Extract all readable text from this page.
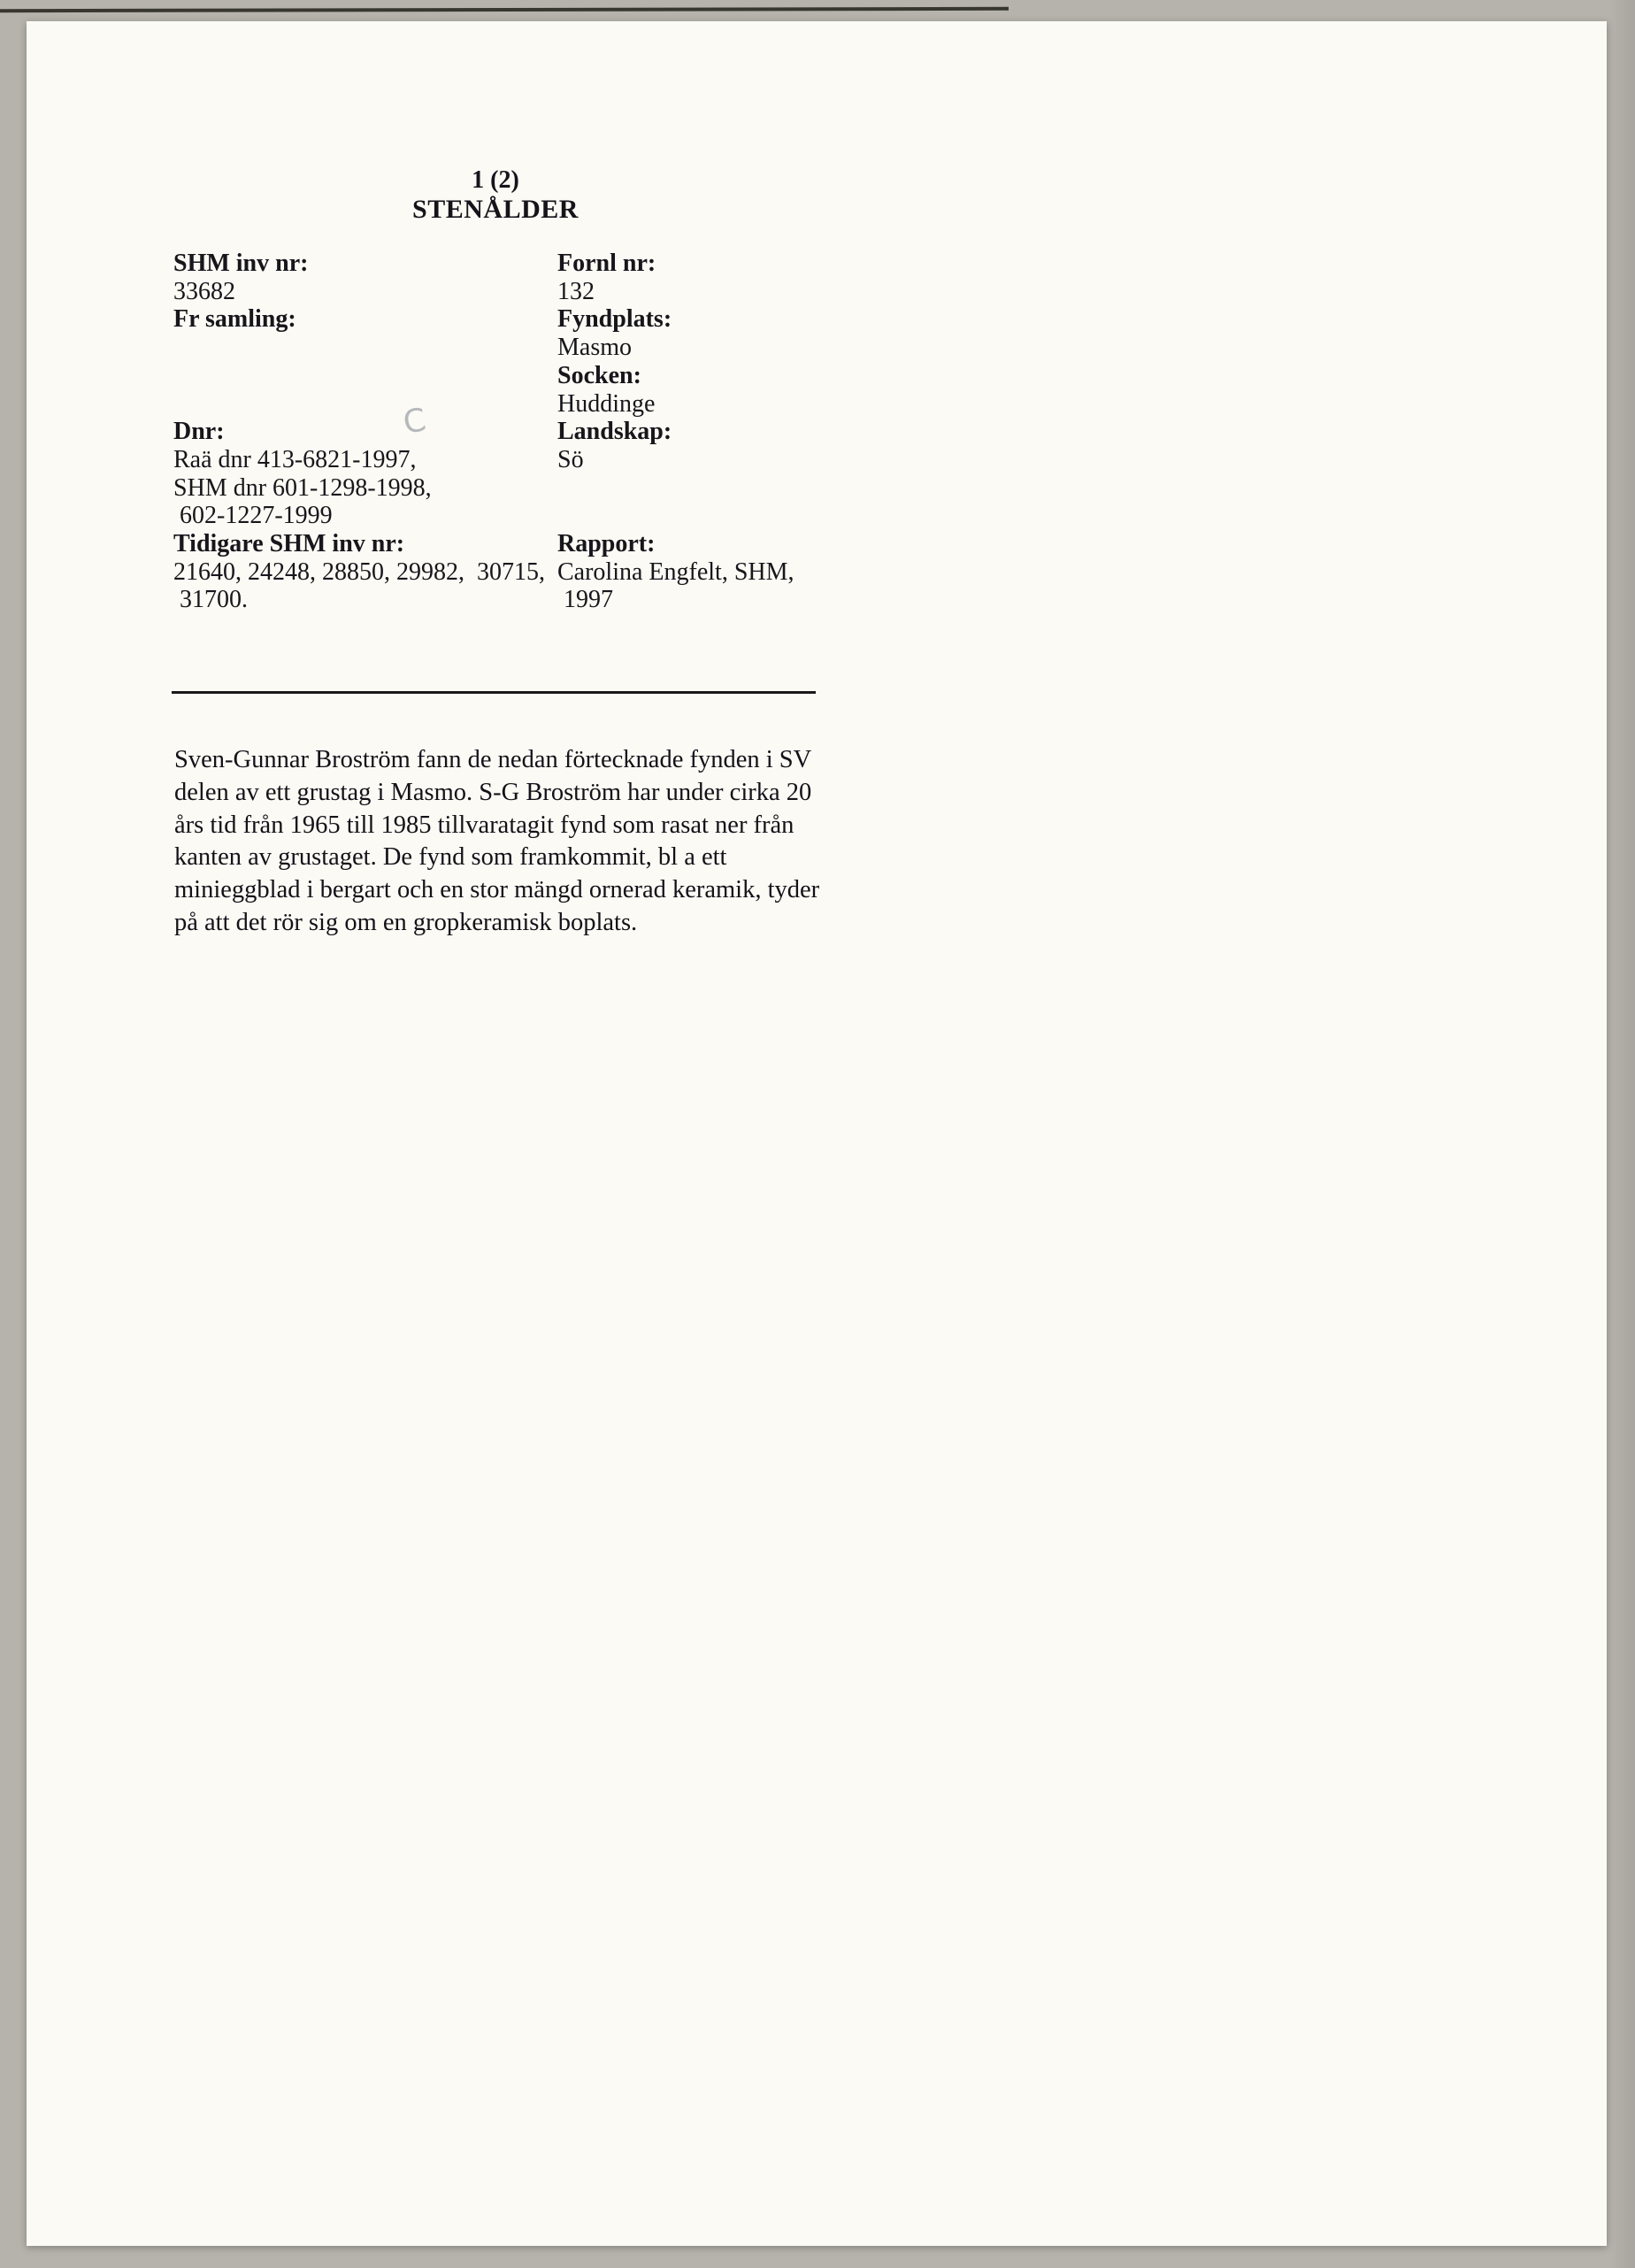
1 (2)
STENÅLDER
C
SHM inv nr:
33682
Fr samling:
Dnr:
Raä dnr 413-6821-1997,
SHM dnr 601-1298-1998,
602-1227-1999
Tidigare SHM inv nr:
21640, 24248, 28850, 29982,  30715,
31700.
Fornl nr:
132
Fyndplats:
Masmo
Socken:
Huddinge
Landskap:
Sö
Rapport:
Carolina Engfelt, SHM,
1997
Sven-Gunnar Broström fann de nedan förtecknade fynden i SV delen av ett grustag i Masmo. S-G Broström har under cirka 20 års tid från 1965 till 1985 tillvaratagit fynd som rasat ner från kanten av grustaget. De fynd som framkommit, bl a ett minieggblad i bergart och en stor mängd ornerad keramik, tyder på att det rör sig om en gropkeramisk boplats.
